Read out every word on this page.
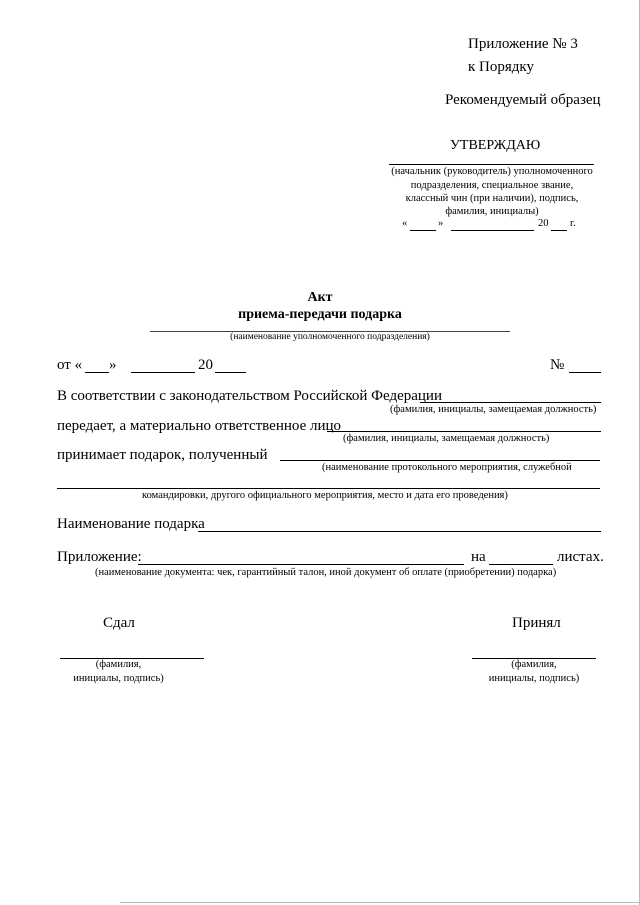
Приложение № 3
к Порядку
Рекомендуемый образец
УТВЕРЖДАЮ
(начальник (руководитель) уполномоченного
подразделения, специальное звание,
классный чин (при наличии), подпись,
фамилия, инициалы)
«	»	20 г.
Акт
приема-передачи подарка
(наименование уполномоченного подразделения)
от « »	20	№
В соответствии с законодательством Российской Федерации
(фамилия, инициалы, замещаемая должность)
передает, а материально ответственное лицо
(фамилия, инициалы, замещаемая должность)
принимает подарок, полученный
(наименование протокольного мероприятия, служебной
командировки, другого официального мероприятия, место и дата его проведения)
Наименование подарка
Приложение:	на	листах.
(наименование документа: чек, гарантийный талон, иной документ об оплате (приобретении) подарка)
Сдал	Принял
(фамилия,
инициалы, подпись)
(фамилия,
инициалы, подпись)
